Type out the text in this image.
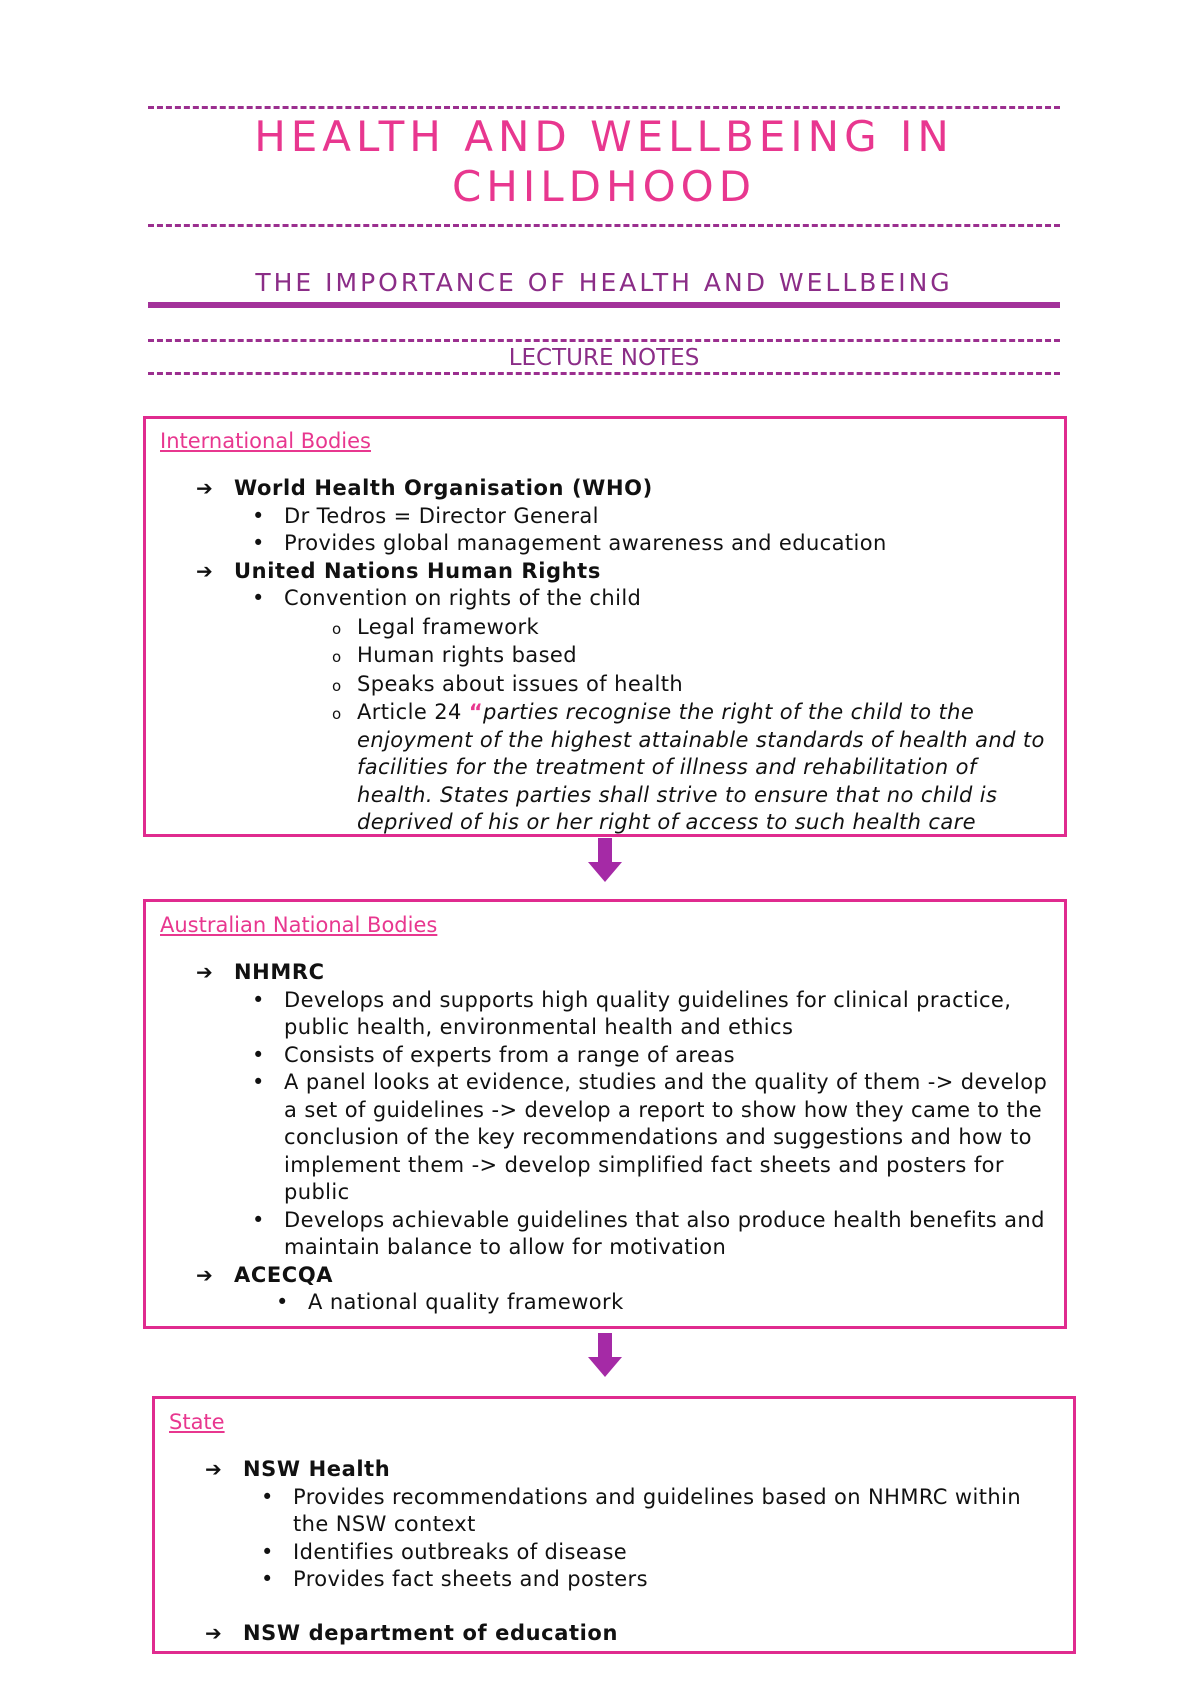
HEALTH AND WELLBEING IN CHILDHOOD
THE IMPORTANCE OF HEALTH AND WELLBEING
LECTURE NOTES
International Bodies
➔ World Health Organisation (WHO)
• Dr Tedros = Director General
• Provides global management awareness and education
➔ United Nations Human Rights
• Convention on rights of the child
o Legal framework
o Human rights based
o Speaks about issues of health
o Article 24 “parties recognise the right of the child to the enjoyment of the highest attainable standards of health and to facilities for the treatment of illness and rehabilitation of health. States parties shall strive to ensure that no child is deprived of his or her right of access to such health care
Australian National Bodies
➔ NHMRC
• Develops and supports high quality guidelines for clinical practice, public health, environmental health and ethics
• Consists of experts from a range of areas
• A panel looks at evidence, studies and the quality of them -> develop a set of guidelines -> develop a report to show how they came to the conclusion of the key recommendations and suggestions and how to implement them -> develop simplified fact sheets and posters for public
• Develops achievable guidelines that also produce health benefits and maintain balance to allow for motivation
➔ ACECQA
• A national quality framework
State
➔ NSW Health
• Provides recommendations and guidelines based on NHMRC within the NSW context
• Identifies outbreaks of disease
• Provides fact sheets and posters
➔ NSW department of education
